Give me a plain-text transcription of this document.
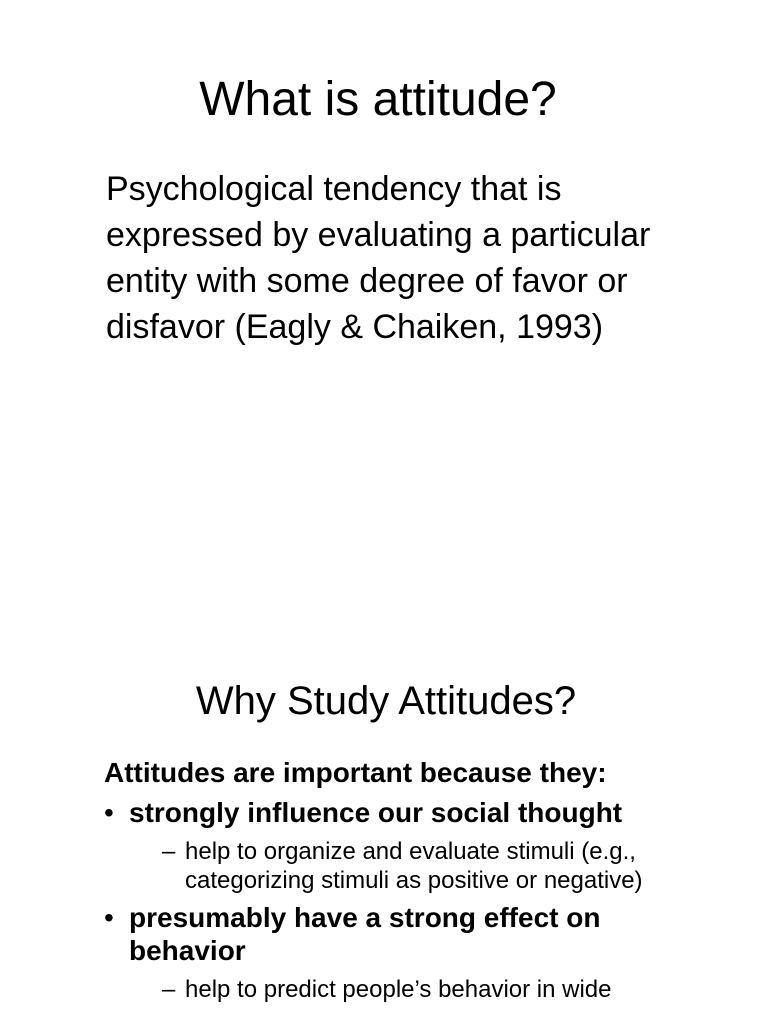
What is attitude?

Psychological tendency that is expressed by evaluating a particular entity with some degree of favor or disfavor (Eagly & Chaiken, 1993)

Why Study Attitudes?

Attitudes are important because they:

• strongly influence our social thought
– help to organize and evaluate stimuli (e.g., categorizing stimuli as positive or negative)
• presumably have a strong effect on behavior
– help to predict people’s behavior in wide
